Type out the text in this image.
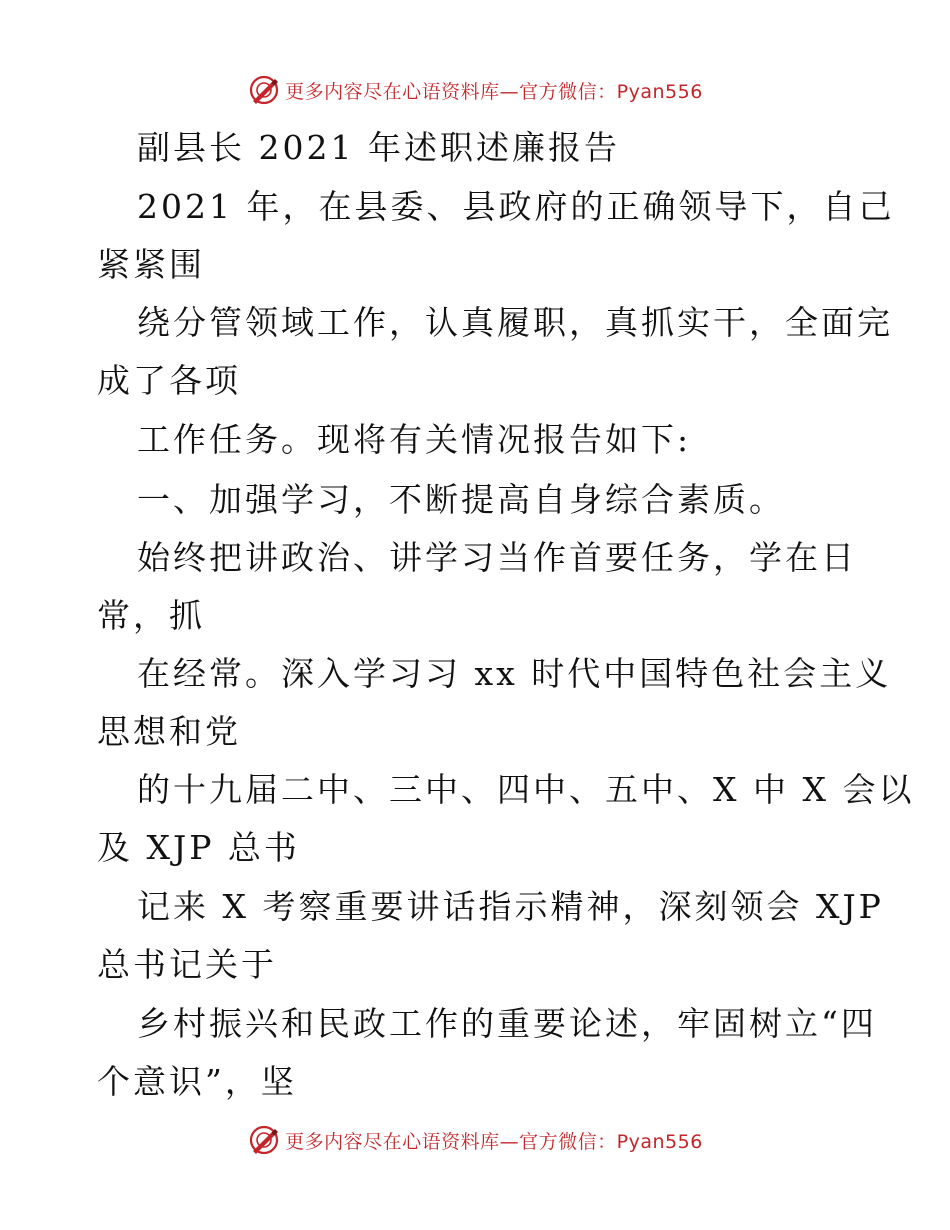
更多内容尽在心语资料库—官方微信：Pyan556
副县长 2021 年述职述廉报告
2021 年，在县委、县政府的正确领导下，自己
紧紧围
绕分管领域工作，认真履职，真抓实干，全面完
成了各项
工作任务。现将有关情况报告如下:
一、加强学习，不断提高自身综合素质。
始终把讲政治、讲学习当作首要任务，学在日
常，抓
在经常。深入学习习 xx 时代中国特色社会主义
思想和党
的十九届二中、三中、四中、五中、X 中 X 会以
及 XJP 总书
记来 X 考察重要讲话指示精神，深刻领会 XJP
总书记关于
乡村振兴和民政工作的重要论述，牢固树立“四
个意识”，坚
更多内容尽在心语资料库—官方微信：Pyan556
